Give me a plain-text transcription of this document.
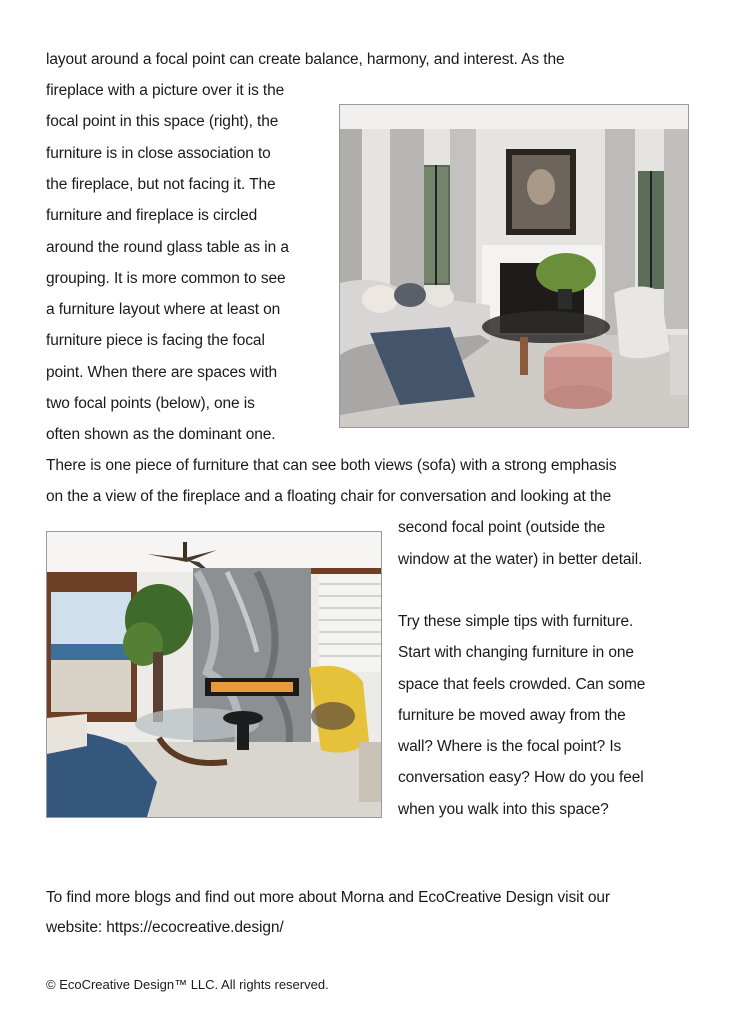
layout around a focal point can create balance, harmony, and interest. As the
fireplace with a picture over it is the
focal point in this space (right), the
furniture is in close association to
the fireplace, but not facing it. The
furniture and fireplace is circled
around the round glass table as in a
grouping. It is more common to see
a furniture layout where at least on
furniture piece is facing the focal
point. When there are spaces with
two focal points (below), one is
often shown as the dominant one.
There is one piece of furniture that can see both views (sofa) with a strong emphasis
on the a view of the fireplace and a floating chair for conversation and looking at the
second focal point (outside the
window at the water) in better detail.
Try these simple tips with furniture.
Start with changing furniture in one
space that feels crowded. Can some
furniture be moved away from the
wall? Where is the focal point? Is
conversation easy? How do you feel
when you walk into this space?
To find more blogs and find out more about Morna and EcoCreative Design visit our
website: https://ecocreative.design/
© EcoCreative Design™ LLC. All rights reserved.
